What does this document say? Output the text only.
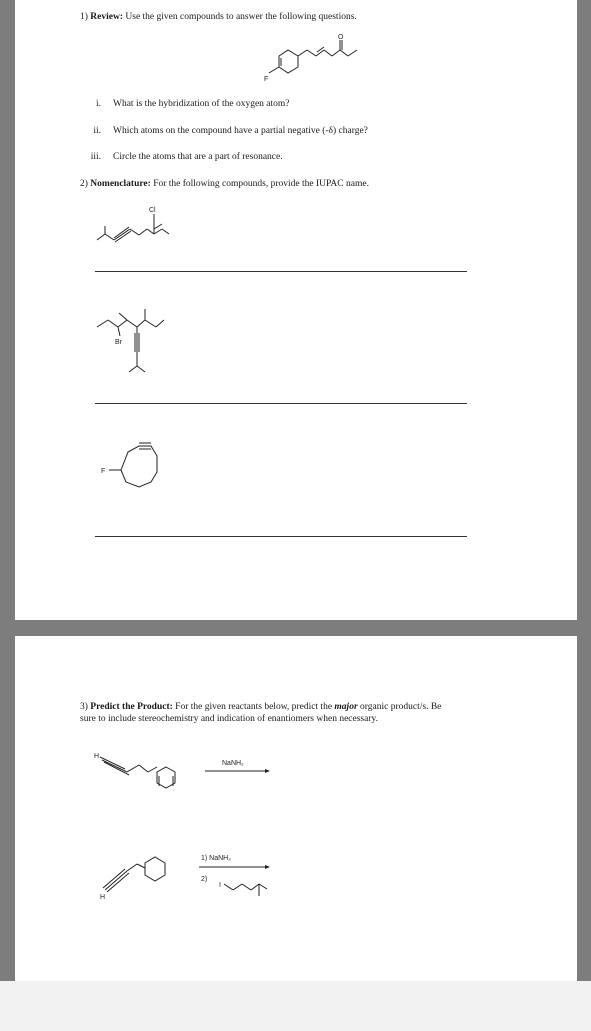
1) Review: Use the given compounds to answer the following questions.
O
F
i. What is the hybridization of the oxygen atom?
ii. Which atoms on the compound have a partial negative (-δ) charge?
iii. Circle the atoms that are a part of resonance.
2) Nomenclature: For the following compounds, provide the IUPAC name.
Cl
Br
F
3) Predict the Product: For the given reactants below, predict the major organic product/s. Be
sure to include stereochemistry and indication of enantiomers when necessary.
H
NaNH₂
H
1) NaNH₂
2)
I
